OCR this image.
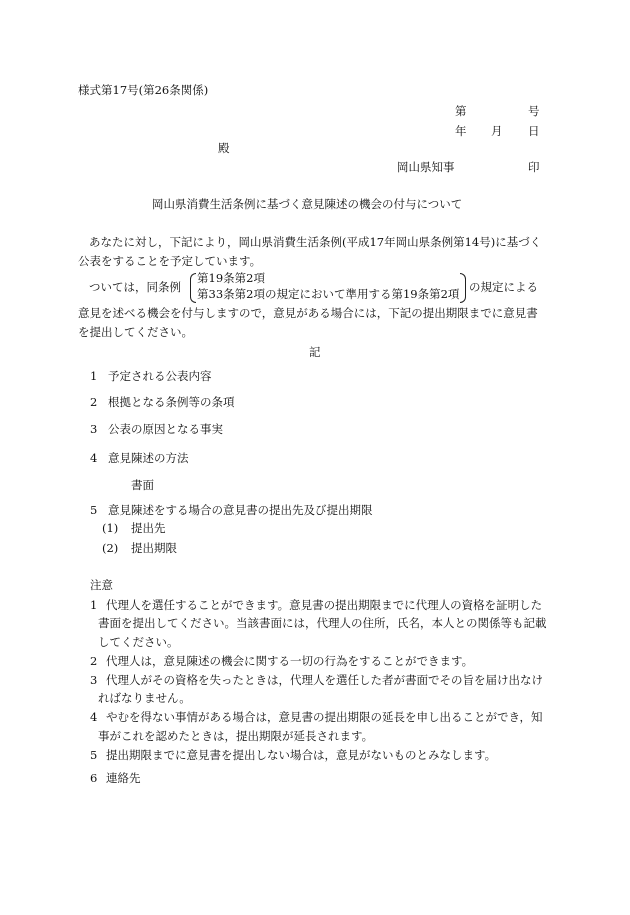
様式第17号(第26条関係)
第	号
年 月 日
殿
岡山県知事	印
岡山県消費生活条例に基づく意見陳述の機会の付与について
あなたに対し，下記により，岡山県消費生活条例(平成17年岡山県条例第14号)に基づく
公表をすることを予定しています。
ついては，同条例
第19条第2項
第33条第2項の規定において準用する第19条第2項 の規定による
意見を述べる機会を付与しますので，意見がある場合には，下記の提出期限までに意見書
を提出してください。
記
1 予定される公表内容
2 根拠となる条例等の条項
3 公表の原因となる事実
4 意見陳述の方法
書面
5 意見陳述をする場合の意見書の提出先及び提出期限
(1) 提出先
(2) 提出期限
注意
1 代理人を選任することができます。意見書の提出期限までに代理人の資格を証明した
書面を提出してください。当該書面には，代理人の住所，氏名，本人との関係等も記載
してください。
2 代理人は，意見陳述の機会に関する一切の行為をすることができます。
3 代理人がその資格を失ったときは，代理人を選任した者が書面でその旨を届け出なけ
ればなりません。
4 やむを得ない事情がある場合は，意見書の提出期限の延長を申し出ることができ，知
事がこれを認めたときは，提出期限が延長されます。
5 提出期限までに意見書を提出しない場合は，意見がないものとみなします。
6 連絡先
